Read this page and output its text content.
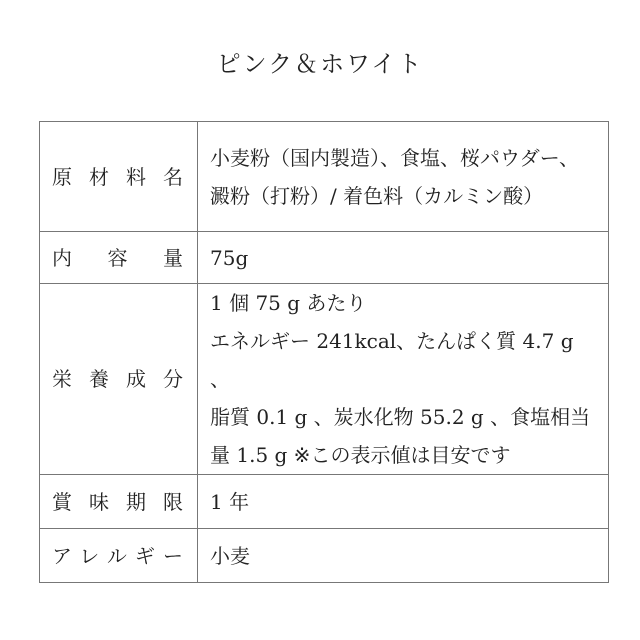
ピンク＆ホワイト
原材料名	小麦粉（国内製造）、食塩、桜パウダー、
澱粉（打粉）/ 着色料（カルミン酸）

内 容 量	75g

栄養成分	1 個 75 g あたり
エネルギー 241kcal、たんぱく質 4.7 g 、
脂質 0.1 g 、炭水化物 55.2 g 、食塩相当
量 1.5 g ※この表示値は目安です

賞味期限	1 年

アレルギー	小麦
